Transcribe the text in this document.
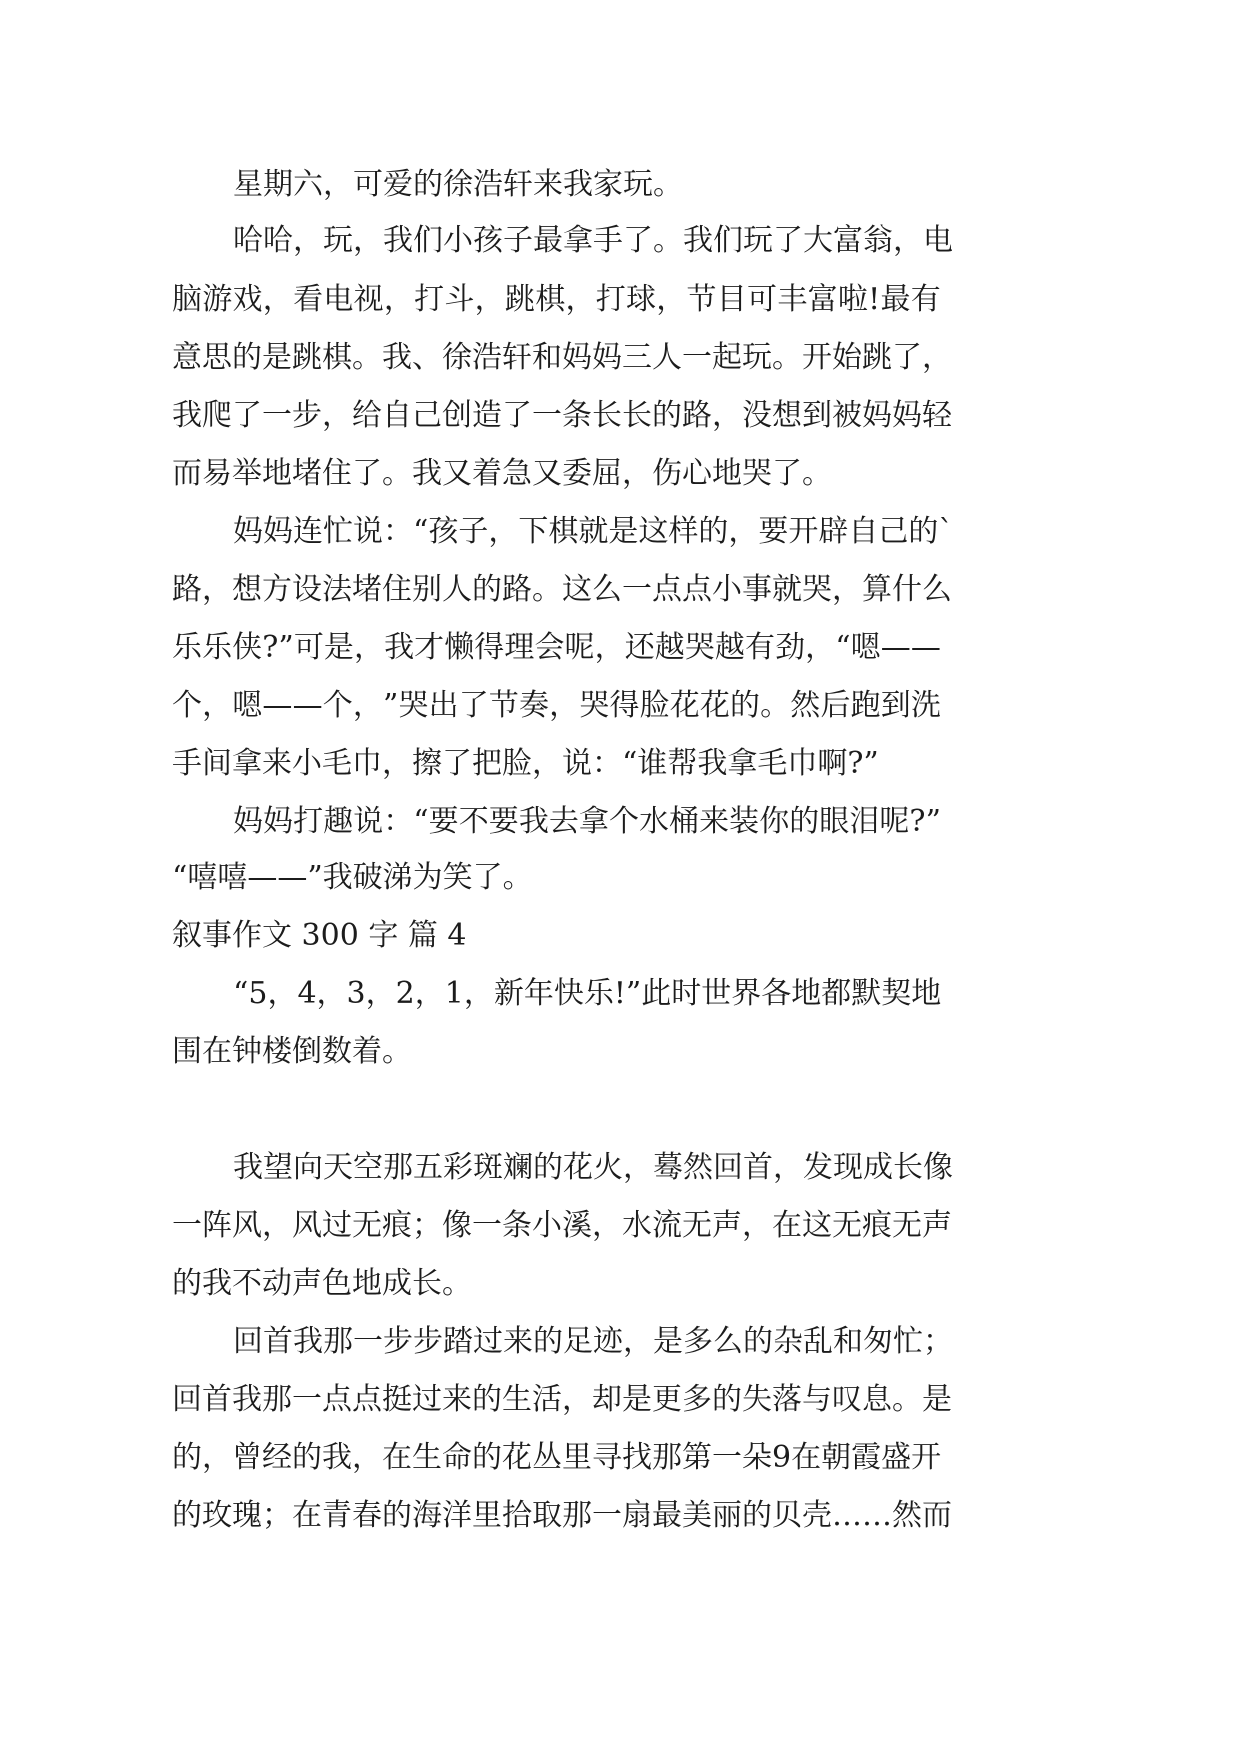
星期六，可爱的徐浩轩来我家玩。
哈 哈 ， 玩 ， 我 们 小 孩 子 最 拿 手 了 。 我 们 玩 了 大 富 翁 ， 电
脑 游 戏 ， 看 电 视 ， 打 斗 ， 跳 棋 ， 打 球 ， 节 目 可 丰 富 啦 ! 最 有
意 思 的 是 跳 棋 。 我 、 徐 浩 轩 和 妈 妈 三 人 一 起 玩 。 开 始 跳 了 ，
我 爬 了 一 步 ， 给 自 己 创 造 了 一 条 长 长 的 路 ， 没 想 到 被 妈 妈 轻
而易举地堵住了。我又着急又委屈，伤心地哭了。
妈 妈 连 忙 说 ： “ 孩 子 ， 下 棋 就 是 这 样 的 ， 要 开 辟 自 己 的 `
路 ， 想 方 设 法 堵 住 别 人 的 路 。 这 么 一 点 点 小 事 就 哭 ， 算 什 么
乐 乐 侠 ? ” 可 是 ， 我 才 懒 得 理 会 呢 ， 还 越 哭 越 有 劲 ， “ 嗯 — —
个 ， 嗯 — — 个 ， ” 哭 出 了 节 奏 ， 哭 得 脸 花 花 的 。 然 后 跑 到 洗
手间拿来小毛巾，擦了把脸，说：“谁帮我拿毛巾啊?”
妈 妈 打 趣 说 ： “ 要 不 要 我 去 拿 个 水 桶 来 装 你 的 眼 泪 呢 ? ”
“嘻嘻——”我破涕为笑了。
叙事作文 300 字 篇 4
“ 5 ， 4 ， 3 ， 2 ， 1 ， 新 年 快 乐 ! ” 此 时 世 界 各 地 都 默 契 地
围在钟楼倒数着。
我 望 向 天 空 那 五 彩 斑 斓 的 花 火 ， 蓦 然 回 首 ， 发 现 成 长 像
一 阵 风 ， 风 过 无 痕 ； 像 一 条 小 溪 ， 水 流 无 声 ， 在 这 无 痕 无 声
的我不动声色地成长。
回 首 我 那 一 步 步 踏 过 来 的 足 迹 ， 是 多 么 的 杂 乱 和 匆 忙 ；
回 首 我 那 一 点 点 挺 过 来 的 生 活 ， 却 是 更 多 的 失 落 与 叹 息 。 是
的 ， 曾 经 的 我 ， 在 生 命 的 花 丛 里 寻 找 那 第 一 朵 9 在 朝 霞 盛 开
的 玫 瑰 ； 在 青 春 的 海 洋 里 拾 取 那 一 扇 最 美 丽 的 贝 壳 … … 然 而
